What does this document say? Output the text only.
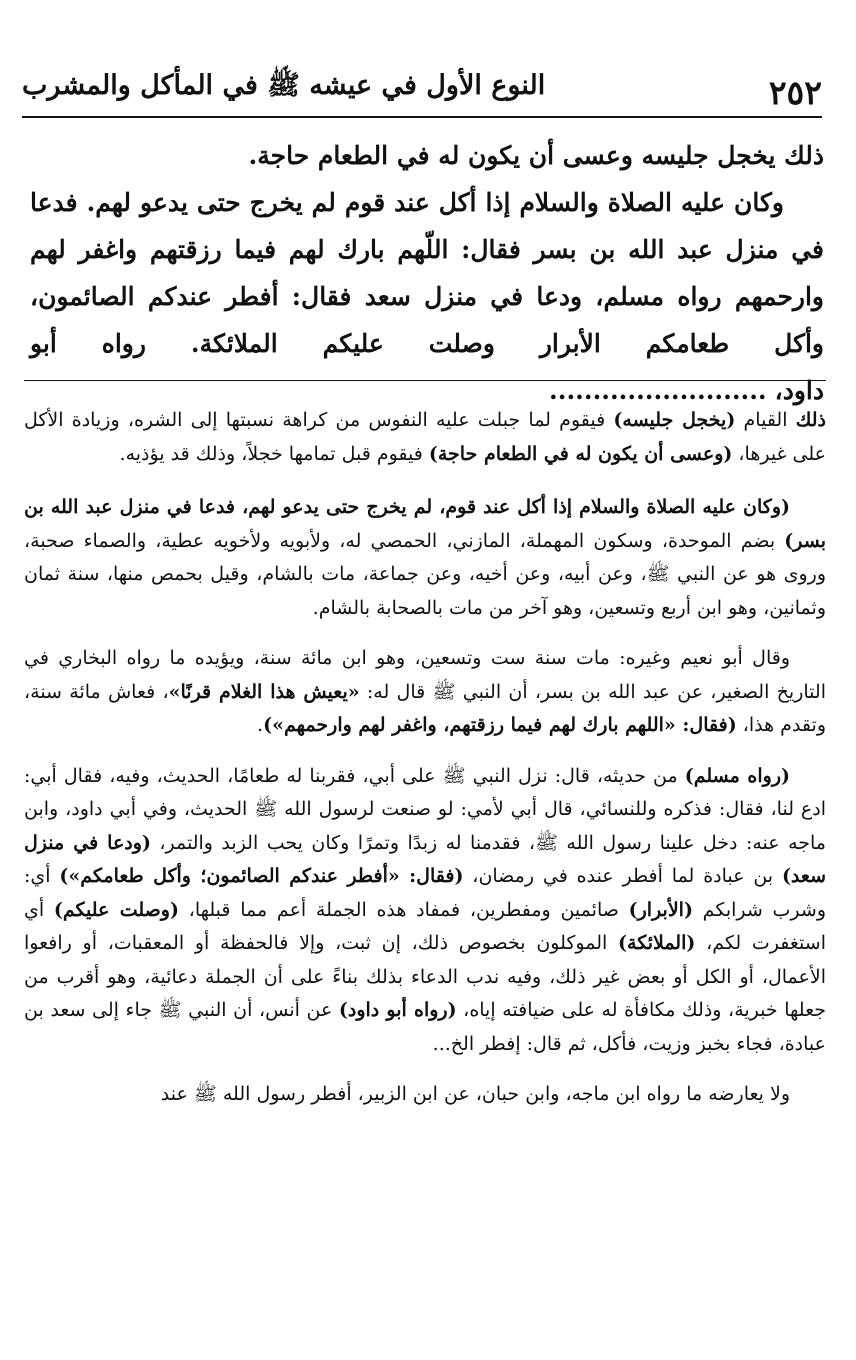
٢٥٢
النوع الأول في عيشه ﷺ في المأكل والمشرب

ذلك يخجل جليسه وعسى أن يكون له في الطعام حاجة.

وكان عليه الصلاة والسلام إذا أكل عند قوم لم يخرج حتى يدعو لهم. فدعا في منزل عبد الله بن بسر فقال: اللّهم بارك لهم فيما رزقتهم واغفر لهم وارحمهم رواه مسلم، ودعا في منزل سعد فقال: أفطر عندكم الصائمون، وأكل طعامكم الأبرار وصلت عليكم الملائكة. رواه أبو داود،.........................

ذلك القيام (يخجل جليسه) فيقوم لما جبلت عليه النفوس من كراهة نسبتها إلى الشره، وزيادة الأكل على غيرها، (وعسى أن يكون له في الطعام حاجة) فيقوم قبل تمامها خجلاً، وذلك قد يؤذيه.

(وكان عليه الصلاة والسلام إذا أكل عند قوم، لم يخرج حتى يدعو لهم، فدعا في منزل عبد الله بن بسر) بضم الموحدة، وسكون المهملة، المازني، الحمصي له، ولأبويه ولأخويه عطية، والصماء صحبة، وروى هو عن النبي ﷺ، وعن أبيه، وعن أخيه، وعن جماعة، مات بالشام، وقيل بحمص منها، سنة ثمان وثمانين، وهو ابن أربع وتسعين، وهو آخر من مات بالصحابة بالشام.

وقال أبو نعيم وغيره: مات سنة ست وتسعين، وهو ابن مائة سنة، ويؤيده ما رواه البخاري في التاريخ الصغير، عن عبد الله بن بسر، أن النبي ﷺ قال له: «يعيش هذا الغلام قرنًا»، فعاش مائة سنة، وتقدم هذا، (فقال: «اللهم بارك لهم فيما رزقتهم، واغفر لهم وارحمهم»).

(رواه مسلم) من حديثه، قال: نزل النبي ﷺ على أبي، فقربنا له طعامًا، الحديث، وفيه، فقال أبي: ادع لنا، فقال: فذكره وللنسائي، قال أبي لأمي: لو صنعت لرسول الله ﷺ الحديث، وفي أبي داود، وابن ماجه عنه: دخل علينا رسول الله ﷺ، فقدمنا له زبدًا وتمرًا وكان يحب الزبد والتمر، (ودعا في منزل سعد) بن عبادة لما أفطر عنده في رمضان، (فقال: «أفطر عندكم الصائمون؛ وأكل طعامكم») أي: وشرب شرابكم (الأبرار) صائمين ومفطرين، فمفاد هذه الجملة أعم مما قبلها، (وصلت عليكم) أي استغفرت لكم، (الملائكة) الموكلون بخصوص ذلك، إن ثبت، وإلا فالحفظة أو المعقبات، أو رافعوا الأعمال، أو الكل أو بعض غير ذلك، وفيه ندب الدعاء بذلك بناءً على أن الجملة دعائية، وهو أقرب من جعلها خبرية، وذلك مكافأة له على ضيافته إياه، (رواه أبو داود) عن أنس، أن النبي ﷺ جاء إلى سعد بن عبادة، فجاء بخبز وزيت، فأكل، ثم قال: إفطر الخ...

ولا يعارضه ما رواه ابن ماجه، وابن حبان، عن ابن الزبير، أفطر رسول الله ﷺ عند
